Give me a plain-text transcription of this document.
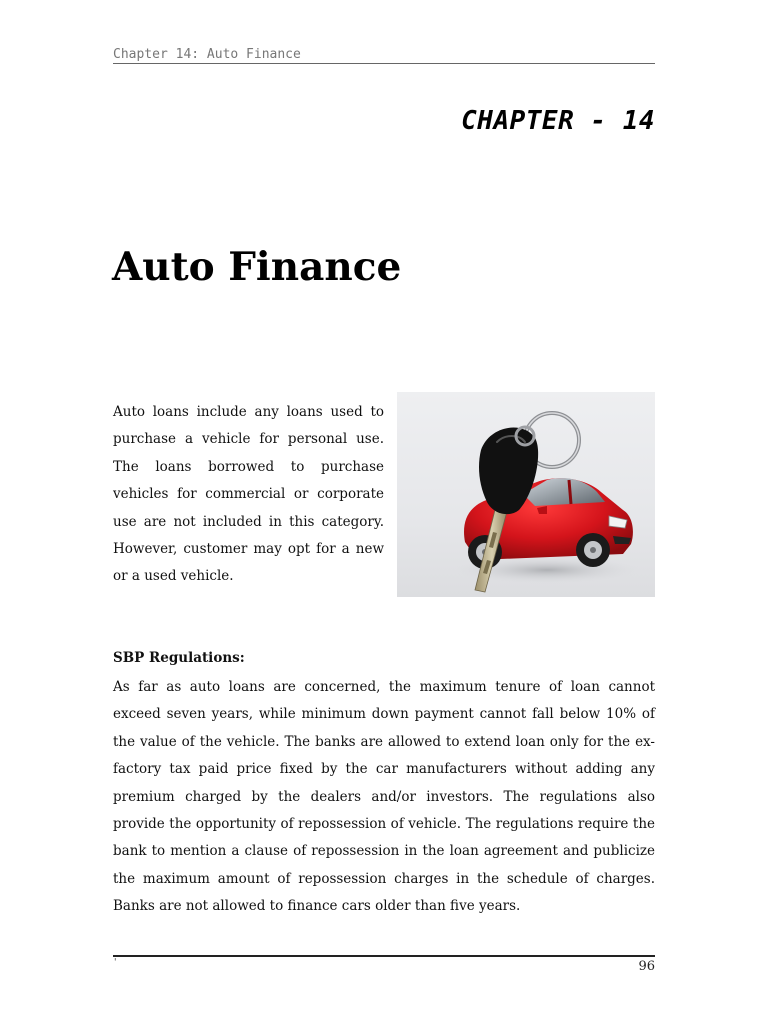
Chapter 14: Auto Finance
CHAPTER - 14
Auto Finance

Auto loans include any loans used to purchase a vehicle for personal use. The loans borrowed to purchase vehicles for commercial or corporate use are not included in this category. However, customer may opt for a new or a used vehicle.

SBP Regulations:

As far as auto loans are concerned, the maximum tenure of loan cannot exceed seven years, while minimum down payment cannot fall below 10% of the value of the vehicle. The banks are allowed to extend loan only for the ex-factory tax paid price fixed by the car manufacturers without adding any premium charged by the dealers and/or investors. The regulations also provide the opportunity of repossession of vehicle. The regulations require the bank to mention a clause of repossession in the loan agreement and publicize the maximum amount of repossession charges in the schedule of charges. Banks are not allowed to finance cars older than five years.

'	96
